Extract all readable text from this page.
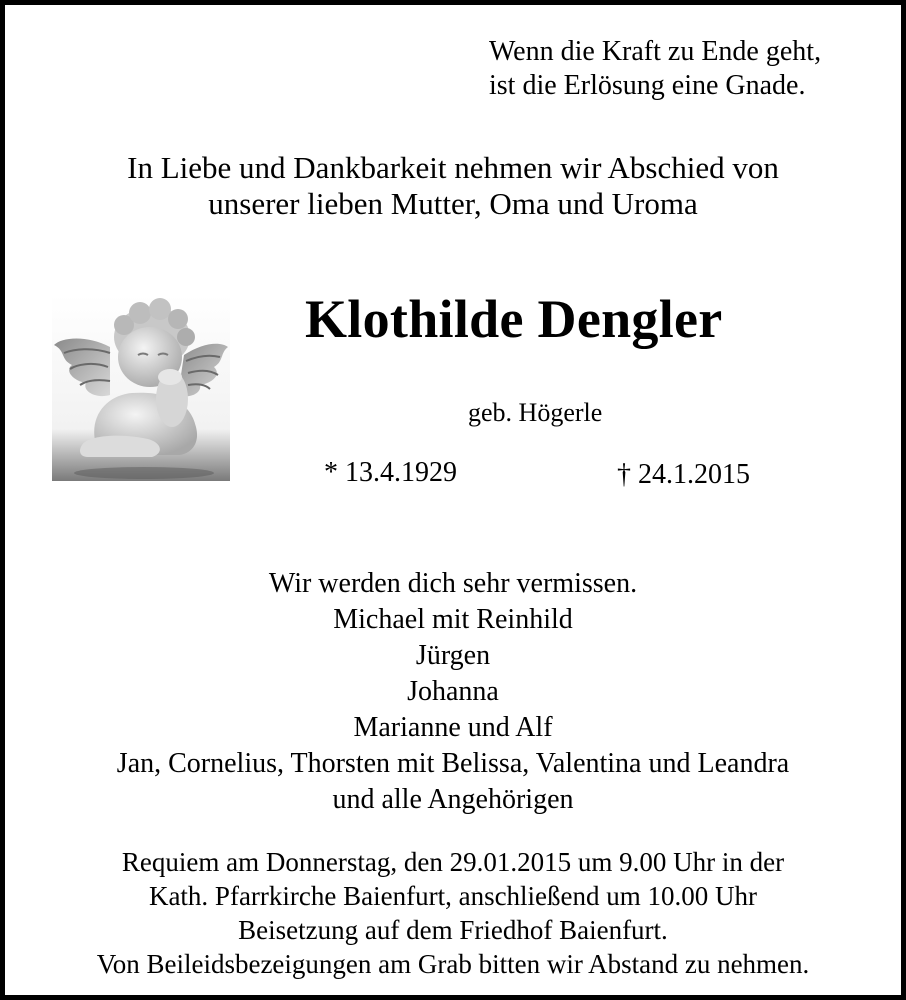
Wenn die Kraft zu Ende geht,
ist die Erlösung eine Gnade.
In Liebe und Dankbarkeit nehmen wir Abschied von
unserer lieben Mutter, Oma und Uroma
Klothilde Dengler
geb. Högerle
* 13.4.1929	† 24.1.2015
Wir werden dich sehr vermissen.
Michael mit Reinhild
Jürgen
Johanna
Marianne und Alf
Jan, Cornelius, Thorsten mit Belissa, Valentina und Leandra
und alle Angehörigen
Requiem am Donnerstag, den 29.01.2015 um 9.00 Uhr in der
Kath. Pfarrkirche Baienfurt, anschließend um 10.00 Uhr
Beisetzung auf dem Friedhof Baienfurt.
Von Beileidsbezeigungen am Grab bitten wir Abstand zu nehmen.
